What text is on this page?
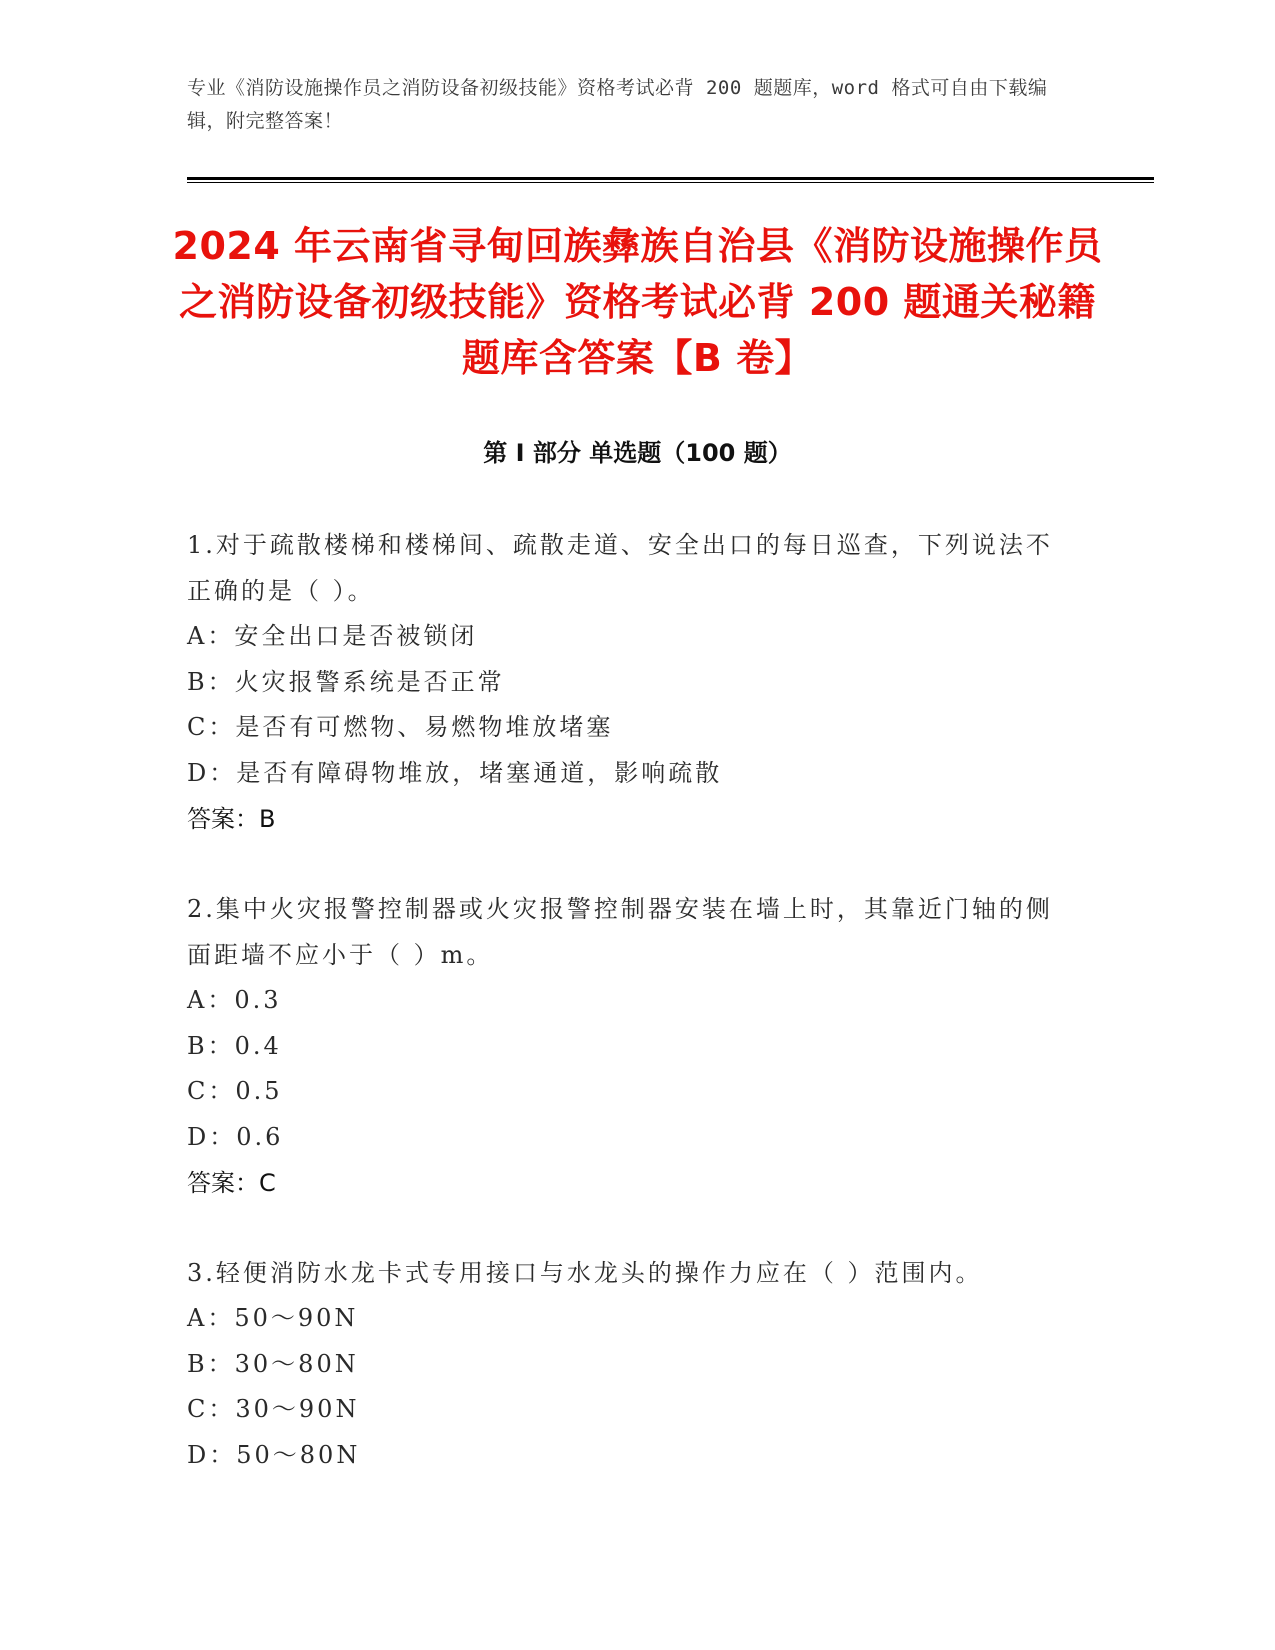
专业《消防设施操作员之消防设备初级技能》资格考试必背 200 题题库，word 格式可自由下载编辑，附完整答案！
2024 年云南省寻甸回族彝族自治县《消防设施操作员之消防设备初级技能》资格考试必背 200 题通关秘籍题库含答案【B 卷】
第 I 部分 单选题（100 题）

1.对于疏散楼梯和楼梯间、疏散走道、安全出口的每日巡查，下列说法不正确的是（ ）。

A：安全出口是否被锁闭

B：火灾报警系统是否正常

C：是否有可燃物、易燃物堆放堵塞

D：是否有障碍物堆放，堵塞通道，影响疏散

答案：B

2.集中火灾报警控制器或火灾报警控制器安装在墙上时，其靠近门轴的侧面距墙不应小于（ ）m。

A：0.3

B：0.4

C：0.5

D：0.6

答案：C

3.轻便消防水龙卡式专用接口与水龙头的操作力应在（ ）范围内。

A：50～90N

B：30～80N

C：30～90N

D：50～80N
